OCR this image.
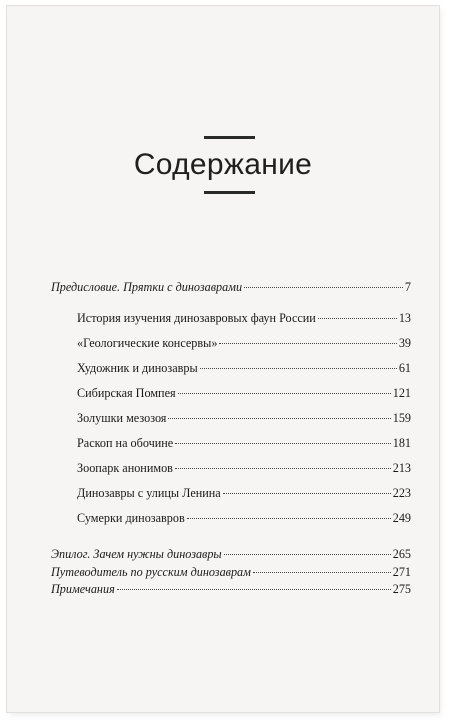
Содержание
Предисловие. Прятки с динозаврами	7
История изучения динозавровых фаун России	13
«Геологические консервы»	39
Художник и динозавры	61
Сибирская Помпея	121
Золушки мезозоя	159
Раскоп на обочине	181
Зоопарк анонимов	213
Динозавры с улицы Ленина	223
Сумерки динозавров	249
Эпилог. Зачем нужны динозавры	265
Путеводитель по русским динозаврам	271
Примечания	275
